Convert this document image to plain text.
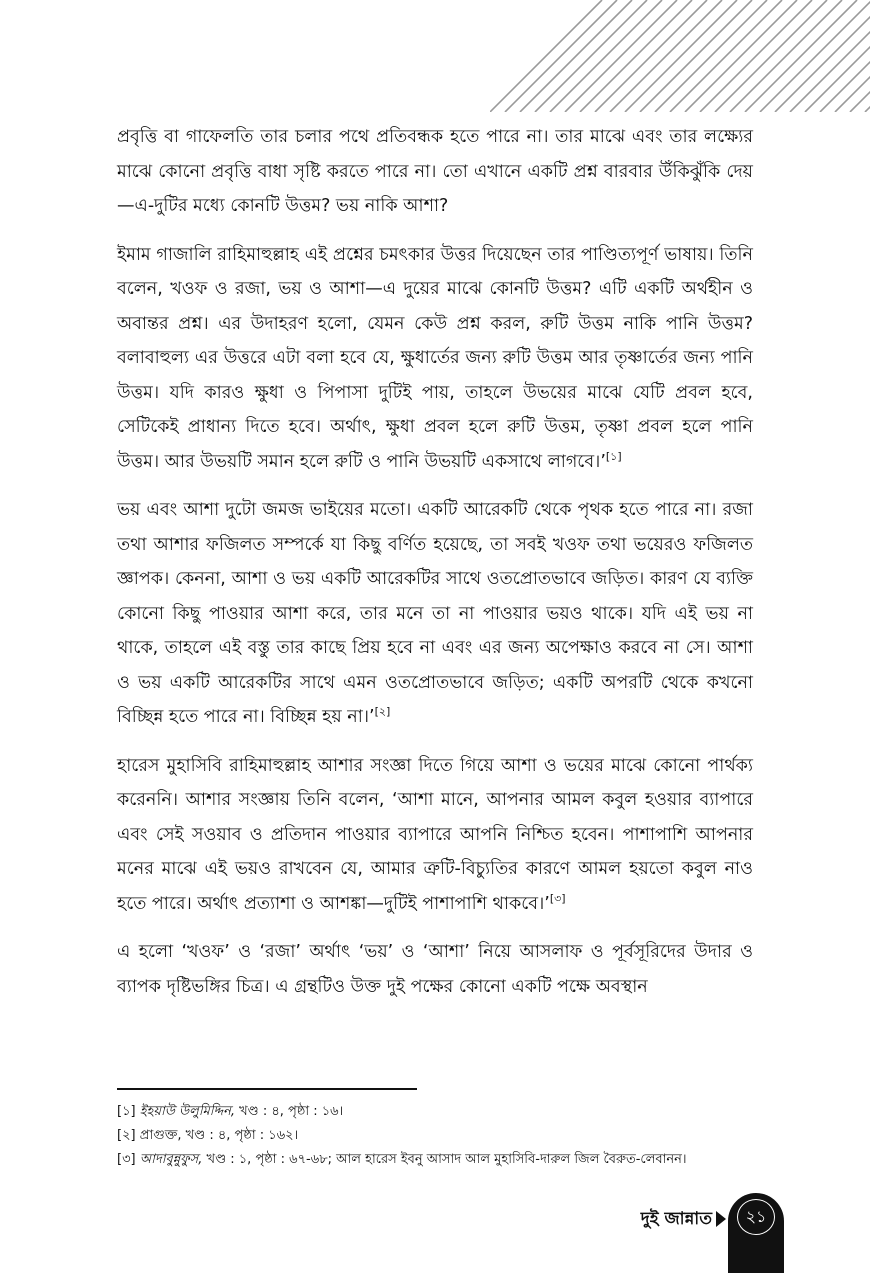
প্রবৃত্তি বা গাফেলতি তার চলার পথে প্রতিবন্ধক হতে পারে না। তার মাঝে এবং তার লক্ষ্যের মাঝে কোনো প্রবৃত্তি বাধা সৃষ্টি করতে পারে না। তো এখানে একটি প্রশ্ন বারবার উঁকিঝুঁকি দেয়—এ-দুটির মধ্যে কোনটি উত্তম? ভয় নাকি আশা?

ইমাম গাজালি রাহিমাহুল্লাহ এই প্রশ্নের চমৎকার উত্তর দিয়েছেন তার পাণ্ডিত্যপূর্ণ ভাষায়। তিনি বলেন, খওফ ও রজা, ভয় ও আশা—এ দুয়ের মাঝে কোনটি উত্তম? এটি একটি অর্থহীন ও অবান্তর প্রশ্ন। এর উদাহরণ হলো, যেমন কেউ প্রশ্ন করল, রুটি উত্তম নাকি পানি উত্তম? বলাবাহুল্য এর উত্তরে এটা বলা হবে যে, ক্ষুধার্তের জন্য রুটি উত্তম আর তৃষ্ণার্তের জন্য পানি উত্তম। যদি কারও ক্ষুধা ও পিপাসা দুটিই পায়, তাহলে উভয়ের মাঝে যেটি প্রবল হবে, সেটিকেই প্রাধান্য দিতে হবে। অর্থাৎ, ক্ষুধা প্রবল হলে রুটি উত্তম, তৃষ্ণা প্রবল হলে পানি উত্তম। আর উভয়টি সমান হলে রুটি ও পানি উভয়টি একসাথে লাগবে।’[১]

ভয় এবং আশা দুটো জমজ ভাইয়ের মতো। একটি আরেকটি থেকে পৃথক হতে পারে না। রজা তথা আশার ফজিলত সম্পর্কে যা কিছু বর্ণিত হয়েছে, তা সবই খওফ তথা ভয়েরও ফজিলত জ্ঞাপক। কেননা, আশা ও ভয় একটি আরেকটির সাথে ওতপ্রোতভাবে জড়িত। কারণ যে ব্যক্তি কোনো কিছু পাওয়ার আশা করে, তার মনে তা না পাওয়ার ভয়ও থাকে। যদি এই ভয় না থাকে, তাহলে এই বস্তু তার কাছে প্রিয় হবে না এবং এর জন্য অপেক্ষাও করবে না সে। আশা ও ভয় একটি আরেকটির সাথে এমন ওতপ্রোতভাবে জড়িত; একটি অপরটি থেকে কখনো বিচ্ছিন্ন হতে পারে না। বিচ্ছিন্ন হয় না।’[২]

হারেস মুহাসিবি রাহিমাহুল্লাহ আশার সংজ্ঞা দিতে গিয়ে আশা ও ভয়ের মাঝে কোনো পার্থক্য করেননি। আশার সংজ্ঞায় তিনি বলেন, ‘আশা মানে, আপনার আমল কবুল হওয়ার ব্যাপারে এবং সেই সওয়াব ও প্রতিদান পাওয়ার ব্যাপারে আপনি নিশ্চিত হবেন। পাশাপাশি আপনার মনের মাঝে এই ভয়ও রাখবেন যে, আমার ত্রুটি-বিচ্যুতির কারণে আমল হয়তো কবুল নাও হতে পারে। অর্থাৎ প্রত্যাশা ও আশঙ্কা—দুটিই পাশাপাশি থাকবে।’[৩]

এ হলো ‘খওফ’ ও ‘রজা’ অর্থাৎ ‘ভয়’ ও ‘আশা’ নিয়ে আসলাফ ও পূর্বসূরিদের উদার ও ব্যাপক দৃষ্টিভঙ্গির চিত্র। এ গ্রন্থটিও উক্ত দুই পক্ষের কোনো একটি পক্ষে অবস্থান

[১] ইহয়াউ উলুমিদ্দিন, খণ্ড : ৪, পৃষ্ঠা : ১৬।

[২] প্রাগুক্ত, খণ্ড : ৪, পৃষ্ঠা : ১৬২।

[৩] আদাবুন্নুফুস, খণ্ড : ১, পৃষ্ঠা : ৬৭-৬৮; আল হারেস ইবনু আসাদ আল মুহাসিবি-দারুল জিল বৈরুত-লেবানন।

দুই জান্নাত	২১
